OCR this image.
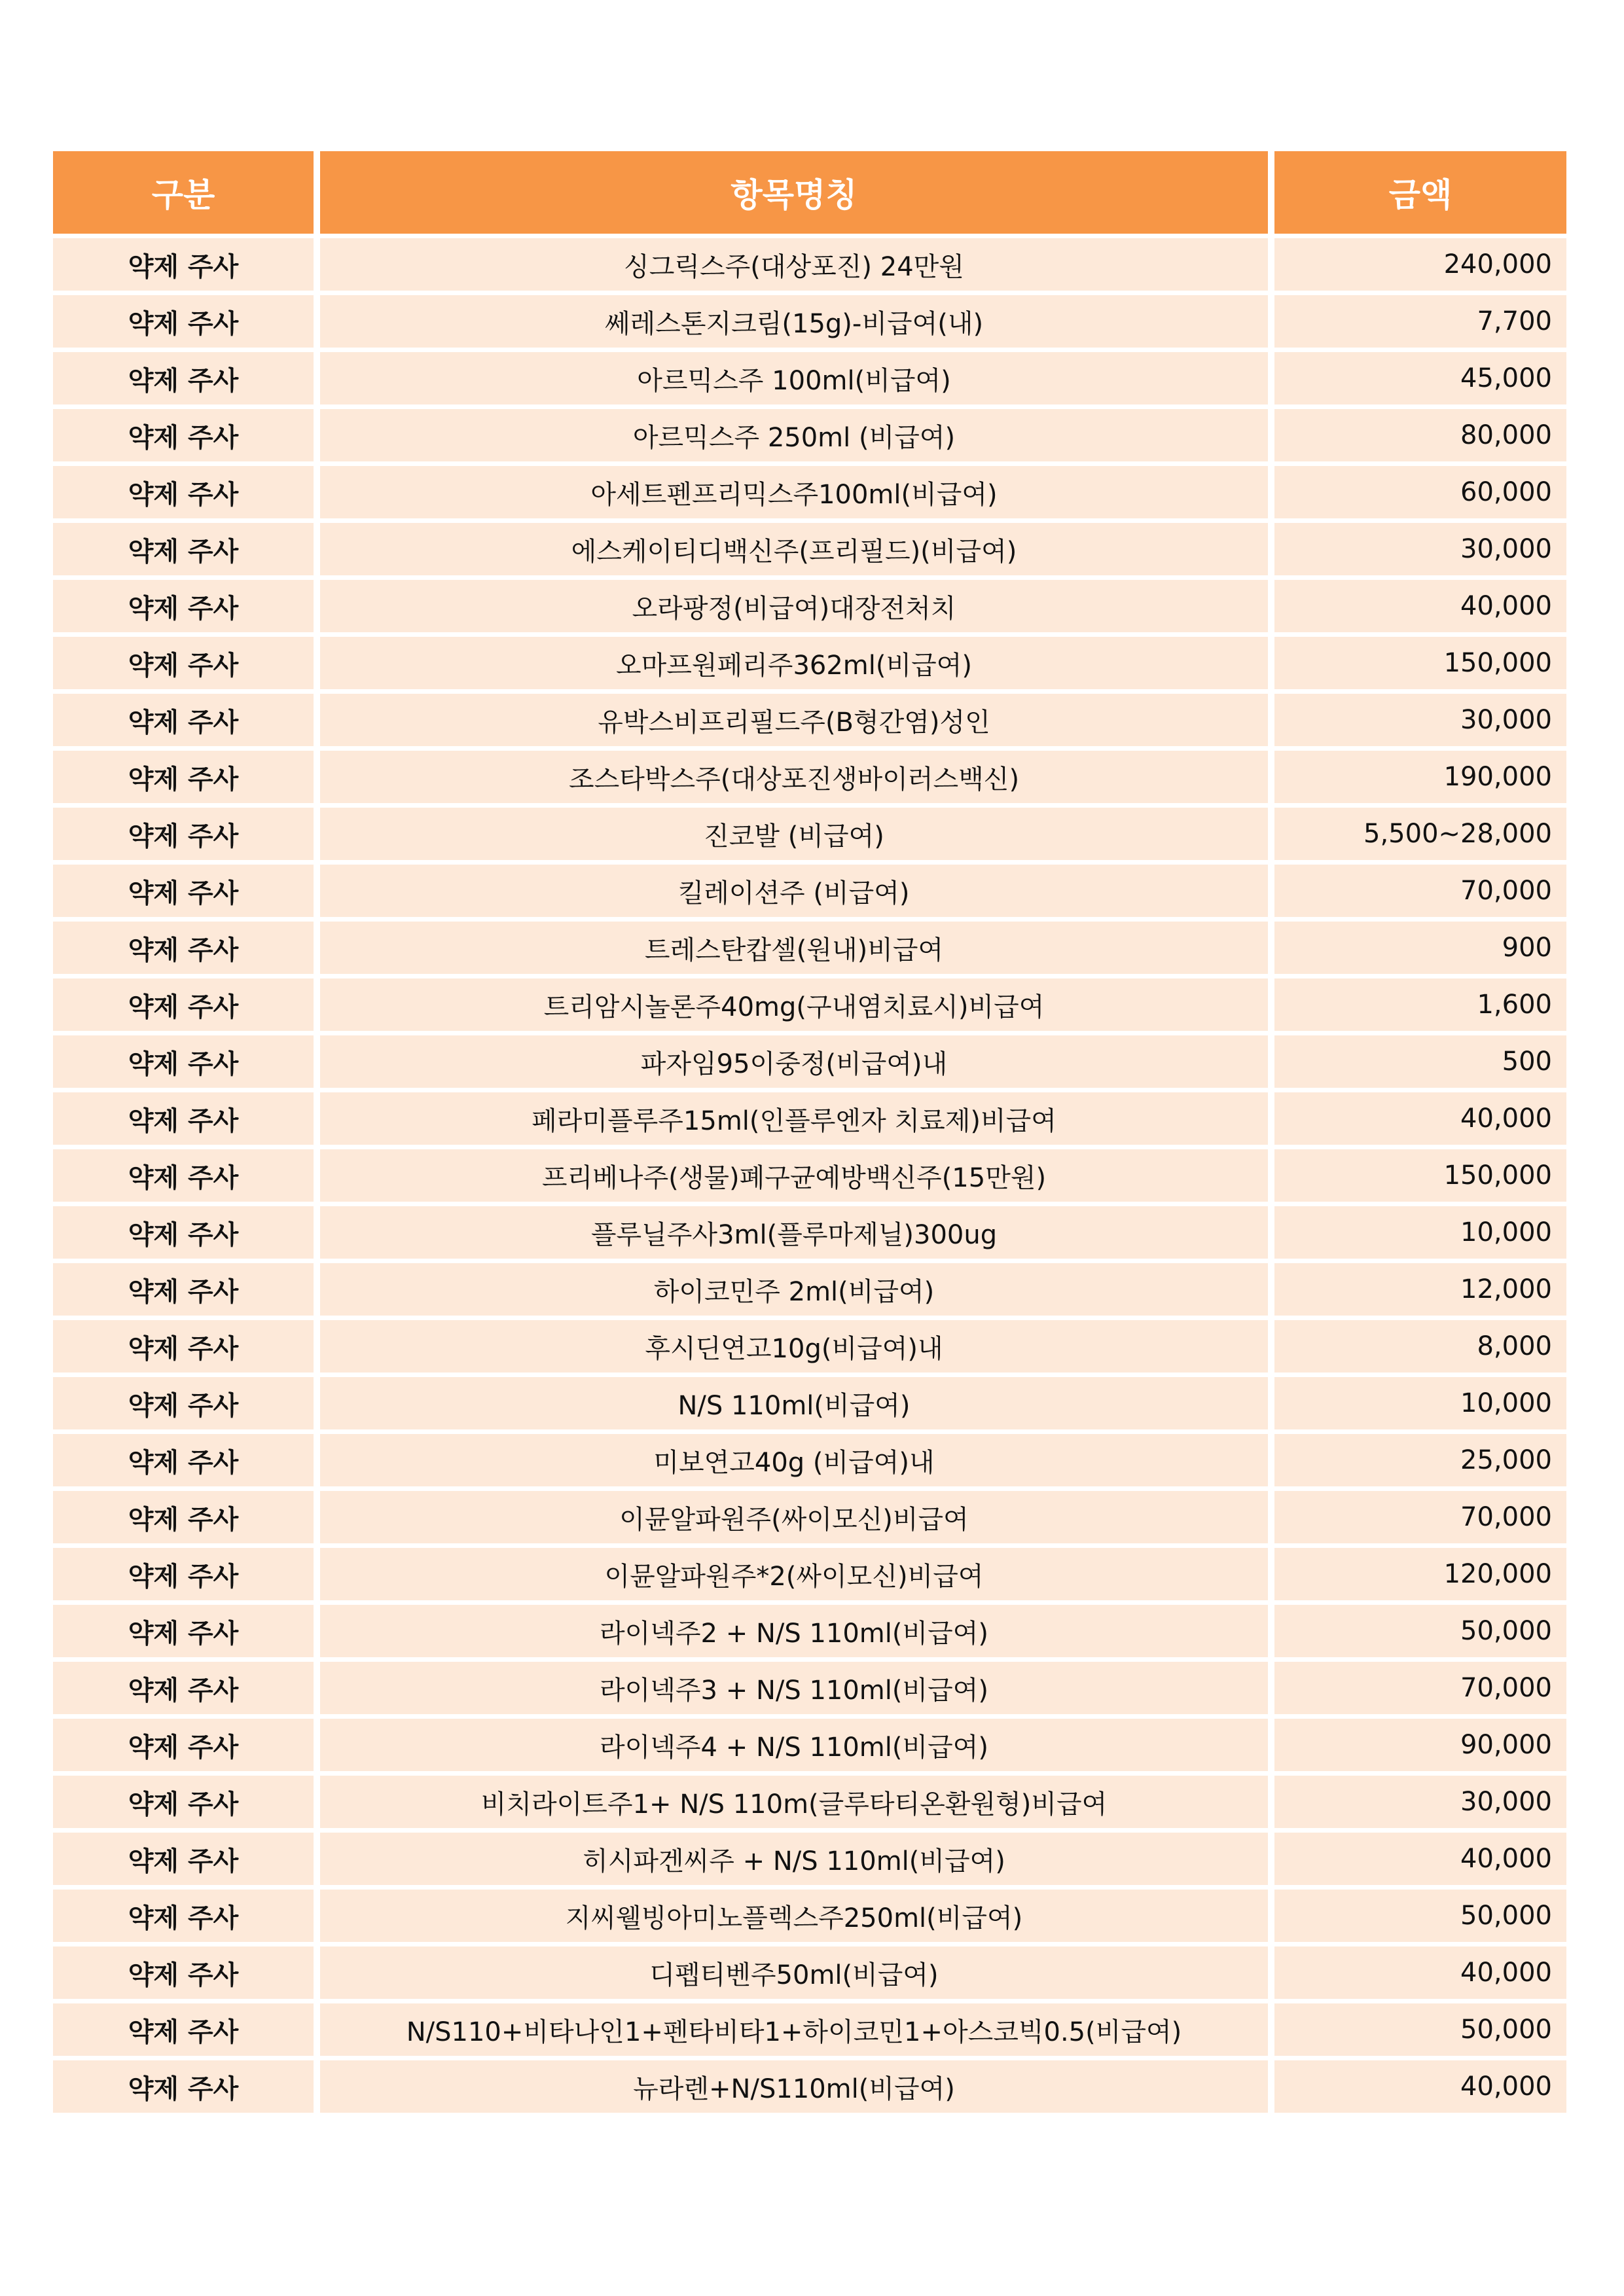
구분	항목명칭	금액
약제 주사	싱그릭스주(대상포진) 24만원	240,000
약제 주사	쎄레스톤지크림(15g)-비급여(내)	7,700
약제 주사	아르믹스주 100ml(비급여)	45,000
약제 주사	아르믹스주 250ml (비급여)	80,000
약제 주사	아세트펜프리믹스주100ml(비급여)	60,000
약제 주사	에스케이티디백신주(프리필드)(비급여)	30,000
약제 주사	오라팡정(비급여)대장전처치	40,000
약제 주사	오마프원페리주362ml(비급여)	150,000
약제 주사	유박스비프리필드주(B형간염)성인	30,000
약제 주사	조스타박스주(대상포진생바이러스백신)	190,000
약제 주사	진코발 (비급여)	5,500~28,000
약제 주사	킬레이션주 (비급여)	70,000
약제 주사	트레스탄캅셀(원내)비급여	900
약제 주사	트리암시놀론주40mg(구내염치료시)비급여	1,600
약제 주사	파자임95이중정(비급여)내	500
약제 주사	페라미플루주15ml(인플루엔자 치료제)비급여	40,000
약제 주사	프리베나주(생물)폐구균예방백신주(15만원)	150,000
약제 주사	플루닐주사3ml(플루마제닐)300ug	10,000
약제 주사	하이코민주 2ml(비급여)	12,000
약제 주사	후시딘연고10g(비급여)내	8,000
약제 주사	N/S 110ml(비급여)	10,000
약제 주사	미보연고40g (비급여)내	25,000
약제 주사	이뮨알파원주(싸이모신)비급여	70,000
약제 주사	이뮨알파원주*2(싸이모신)비급여	120,000
약제 주사	라이넥주2 + N/S 110ml(비급여)	50,000
약제 주사	라이넥주3 + N/S 110ml(비급여)	70,000
약제 주사	라이넥주4 + N/S 110ml(비급여)	90,000
약제 주사	비치라이트주1+ N/S 110m(글루타티온환원형)비급여	30,000
약제 주사	히시파겐씨주 + N/S 110ml(비급여)	40,000
약제 주사	지씨웰빙아미노플렉스주250ml(비급여)	50,000
약제 주사	디펩티벤주50ml(비급여)	40,000
약제 주사	N/S110+비타나인1+펜타비타1+하이코민1+아스코빅0.5(비급여)	50,000
약제 주사	뉴라렌+N/S110ml(비급여)	40,000
